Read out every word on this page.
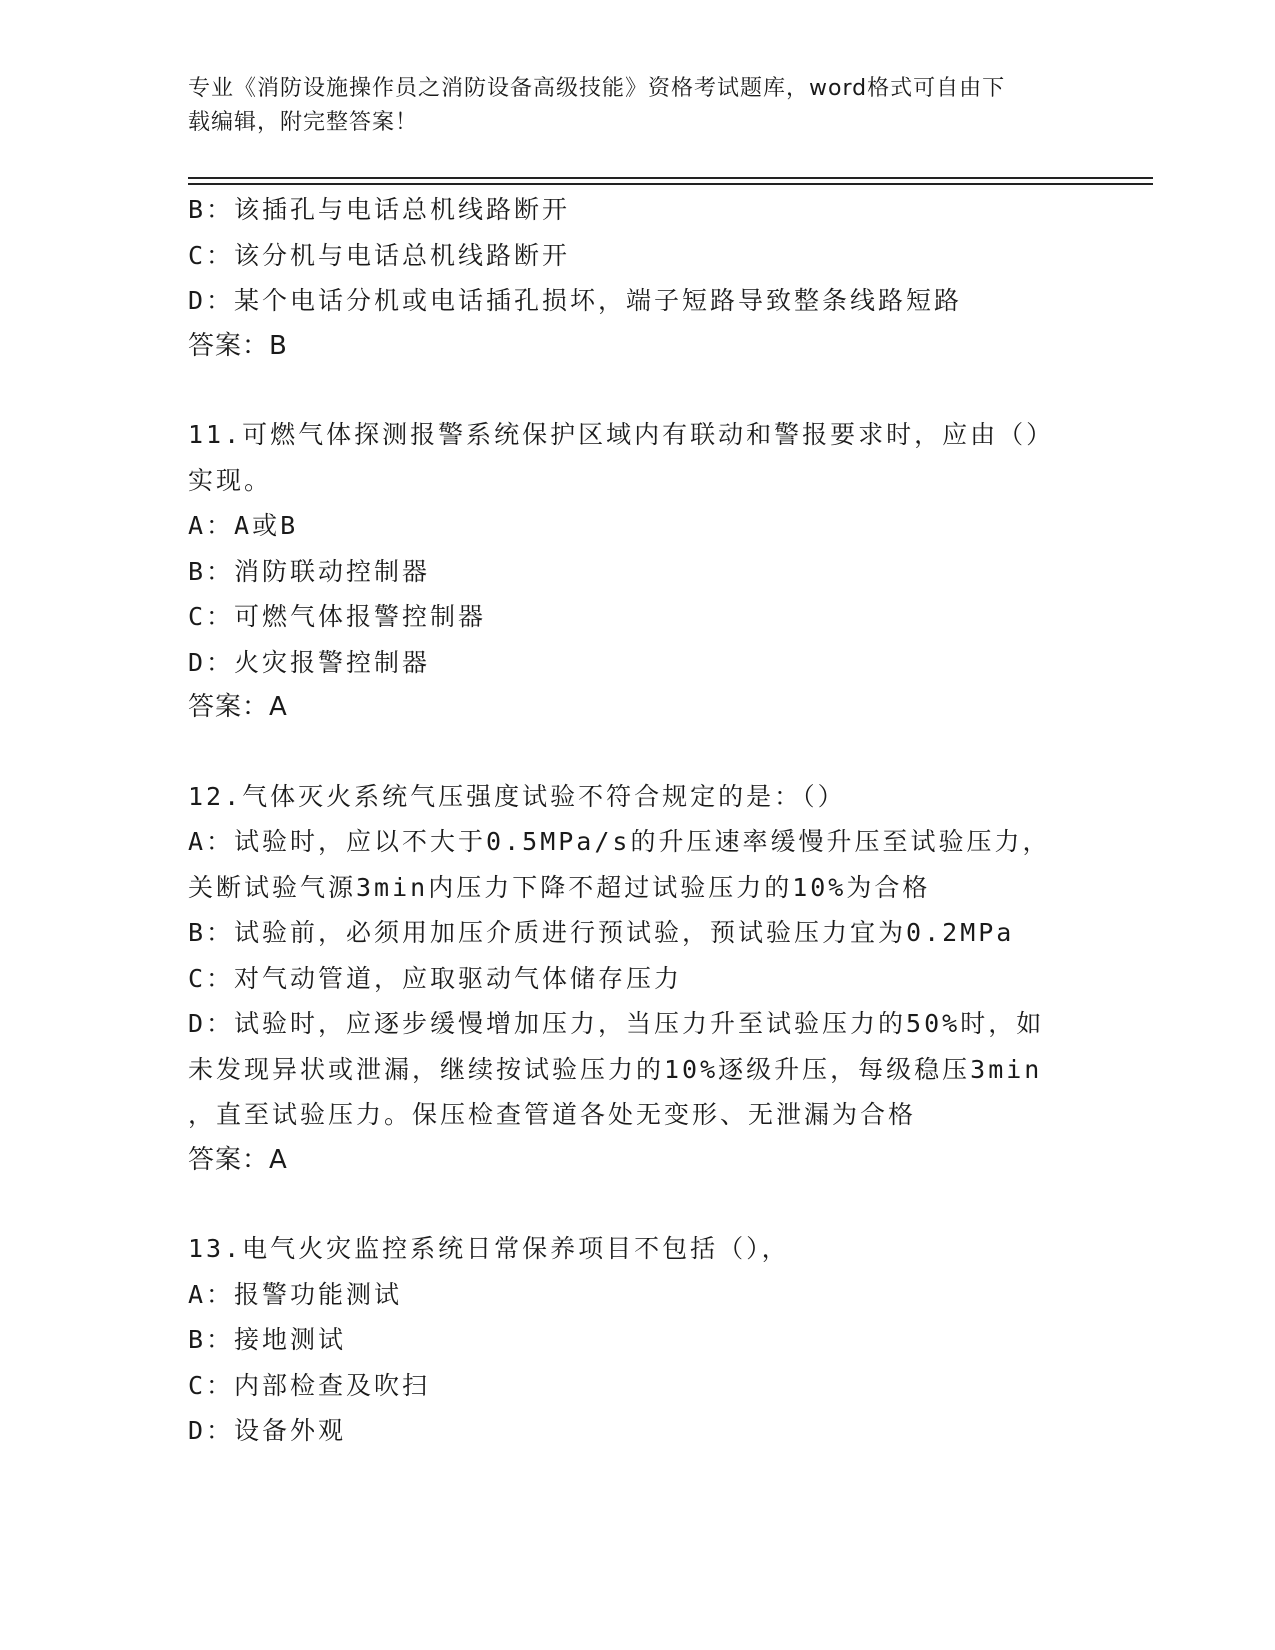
专业《消防设施操作员之消防设备高级技能》资格考试题库，word格式可自由下
载编辑，附完整答案！
B：该插孔与电话总机线路断开
C：该分机与电话总机线路断开
D：某个电话分机或电话插孔损坏，端子短路导致整条线路短路
答案：B
11.可燃气体探测报警系统保护区域内有联动和警报要求时，应由（）
实现。
A：A或B
B：消防联动控制器
C：可燃气体报警控制器
D：火灾报警控制器
答案：A
12.气体灭火系统气压强度试验不符合规定的是：（）
A：试验时，应以不大于0.5MPa/s的升压速率缓慢升压至试验压力，
关断试验气源3min内压力下降不超过试验压力的10%为合格
B：试验前，必须用加压介质进行预试验，预试验压力宜为0.2MPa
C：对气动管道，应取驱动气体储存压力
D：试验时，应逐步缓慢增加压力，当压力升至试验压力的50%时，如
未发现异状或泄漏，继续按试验压力的10%逐级升压，每级稳压3min
，直至试验压力。保压检查管道各处无变形、无泄漏为合格
答案：A
13.电气火灾监控系统日常保养项目不包括（），
A：报警功能测试
B：接地测试
C：内部检查及吹扫
D：设备外观
